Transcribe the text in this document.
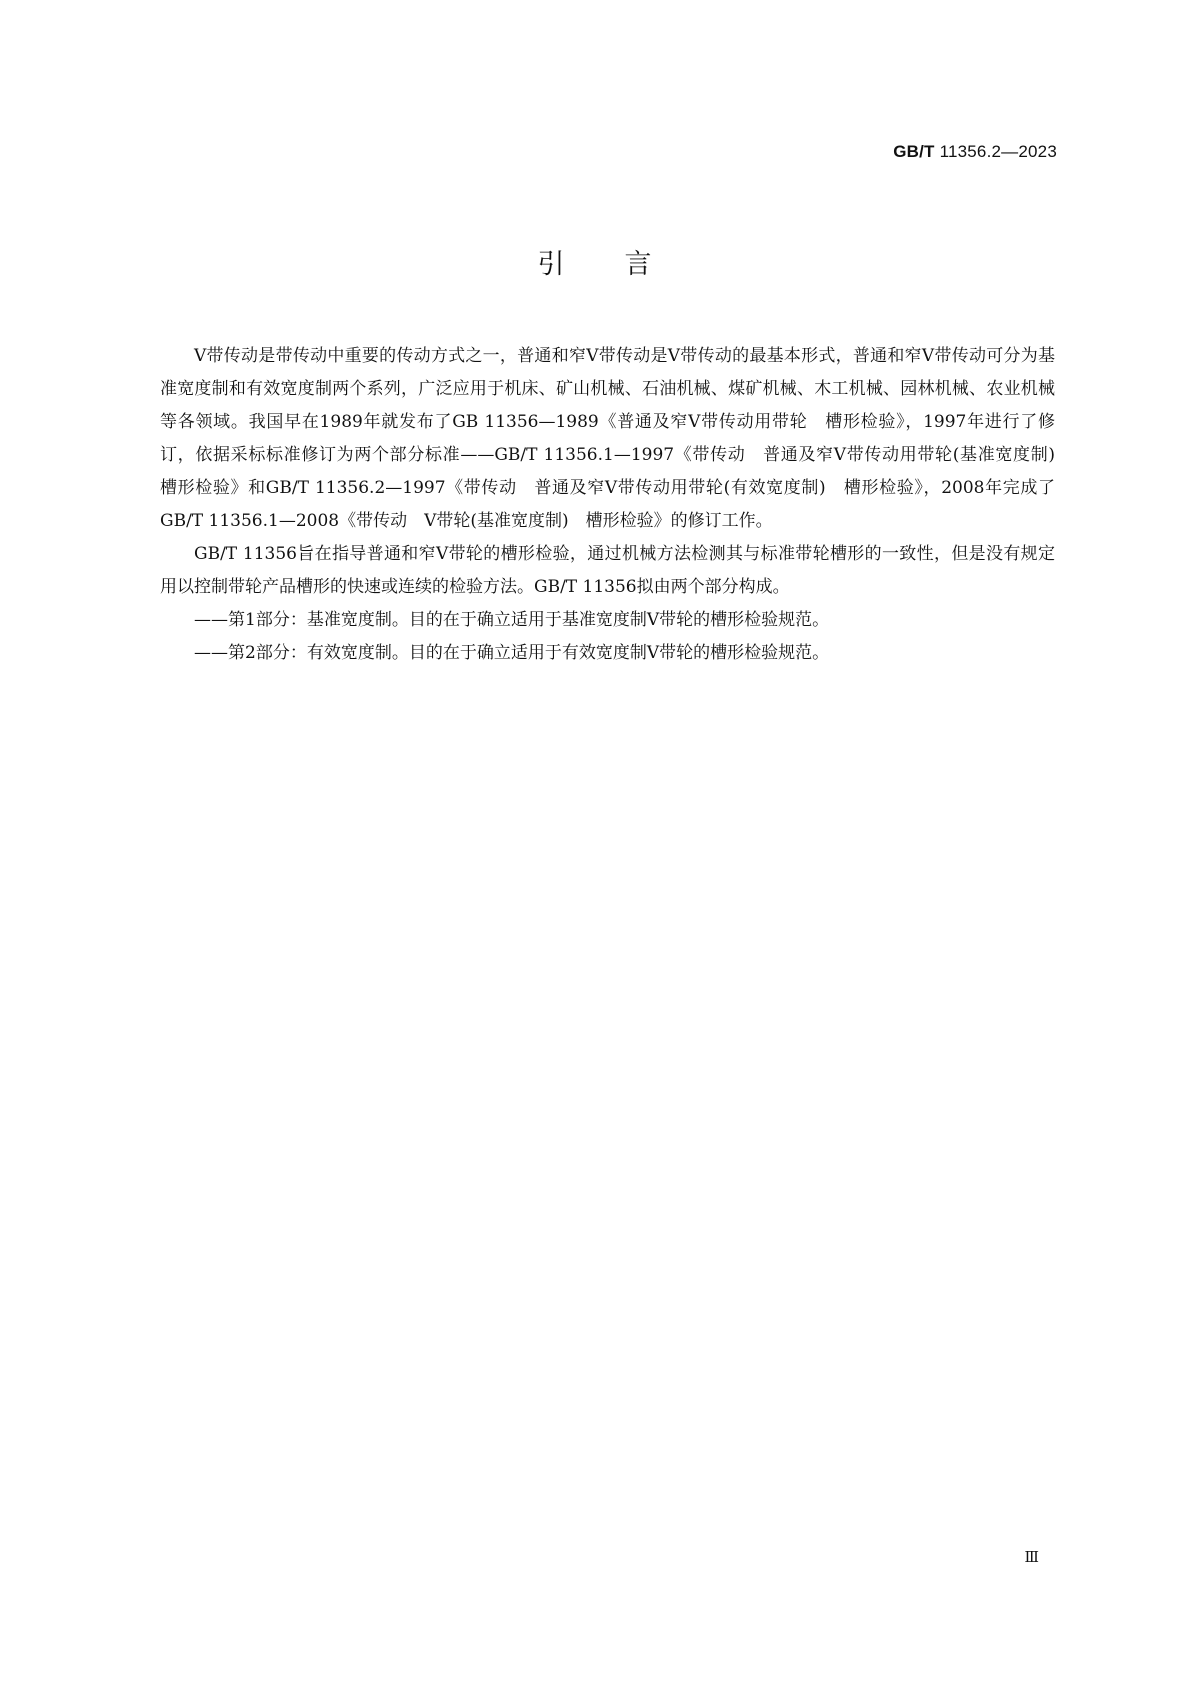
GB/T 11356.2—2023
引 言

V带传动是带传动中重要的传动方式之一，普通和窄V带传动是V带传动的最基本形式，普通和窄V带传动可分为基准宽度制和有效宽度制两个系列，广泛应用于机床、矿山机械、石油机械、煤矿机械、木工机械、园林机械、农业机械等各领域。我国早在1989年就发布了GB 11356—1989《普通及窄V带传动用带轮　槽形检验》，1997年进行了修订，依据采标标准修订为两个部分标准——GB/T 11356.1—1997《带传动　普通及窄V带传动用带轮(基准宽度制)　槽形检验》和GB/T 11356.2—1997《带传动　普通及窄V带传动用带轮(有效宽度制)　槽形检验》，2008年完成了GB/T 11356.1—2008《带传动　V带轮(基准宽度制)　槽形检验》的修订工作。

GB/T 11356旨在指导普通和窄V带轮的槽形检验，通过机械方法检测其与标准带轮槽形的一致性，但是没有规定用以控制带轮产品槽形的快速或连续的检验方法。GB/T 11356拟由两个部分构成。

——第1部分：基准宽度制。目的在于确立适用于基准宽度制V带轮的槽形检验规范。

——第2部分：有效宽度制。目的在于确立适用于有效宽度制V带轮的槽形检验规范。

Ⅲ
